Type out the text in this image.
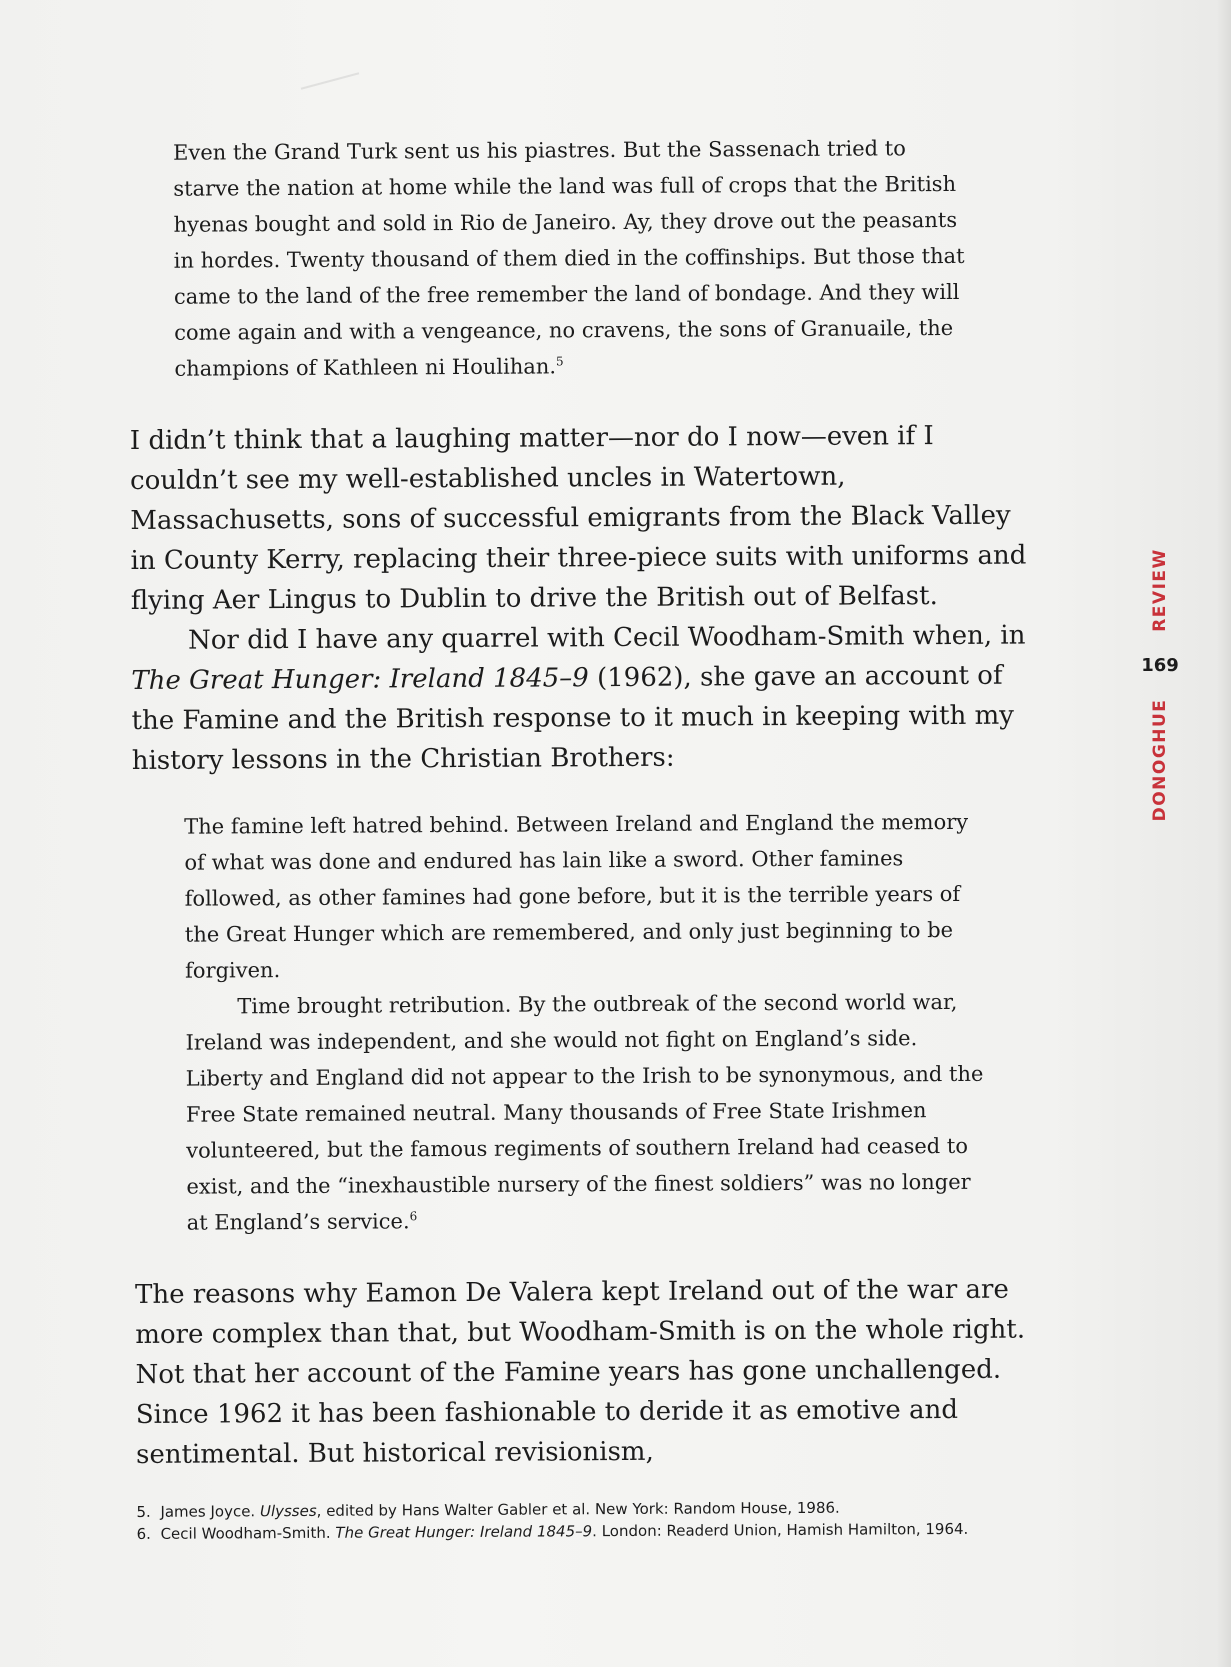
Even the Grand Turk sent us his piastres. But the Sassenach tried to starve the nation at home while the land was full of crops that the British hyenas bought and sold in Rio de Janeiro. Ay, they drove out the peasants in hordes. Twenty thousand of them died in the coffinships. But those that came to the land of the free remember the land of bondage. And they will come again and with a vengeance, no cravens, the sons of Granuaile, the champions of Kathleen ni Houlihan.$^5$

I didn’t think that a laughing matter—nor do I now—even if I couldn’t see my well-established uncles in Watertown, Massachusetts, sons of successful emigrants from the Black Valley in County Kerry, replacing their three-piece suits with uniforms and flying Aer Lingus to Dublin to drive the British out of Belfast.

Nor did I have any quarrel with Cecil Woodham-Smith when, in The Great Hunger: Ireland 1845–9 (1962), she gave an account of the Famine and the British response to it much in keeping with my history lessons in the Christian Brothers:

The famine left hatred behind. Between Ireland and England the memory of what was done and endured has lain like a sword. Other famines followed, as other famines had gone before, but it is the terrible years of the Great Hunger which are remembered, and only just beginning to be forgiven.

Time brought retribution. By the outbreak of the second world war, Ireland was independent, and she would not fight on England’s side. Liberty and England did not appear to the Irish to be synonymous, and the Free State remained neutral. Many thousands of Free State Irishmen volunteered, but the famous regiments of southern Ireland had ceased to exist, and the “inexhaustible nursery of the finest soldiers” was no longer at England’s service.$^6$

The reasons why Eamon De Valera kept Ireland out of the war are more complex than that, but Woodham-Smith is on the whole right. Not that her account of the Famine years has gone unchallenged. Since 1962 it has been fashionable to deride it as emotive and sentimental. But historical revisionism,

5. James Joyce. Ulysses, edited by Hans Walter Gabler et al. New York: Random House, 1986.
6. Cecil Woodham-Smith. The Great Hunger: Ireland 1845–9. London: Readerd Union, Hamish Hamilton, 1964.
REVIEW
169
DONOGHUE
